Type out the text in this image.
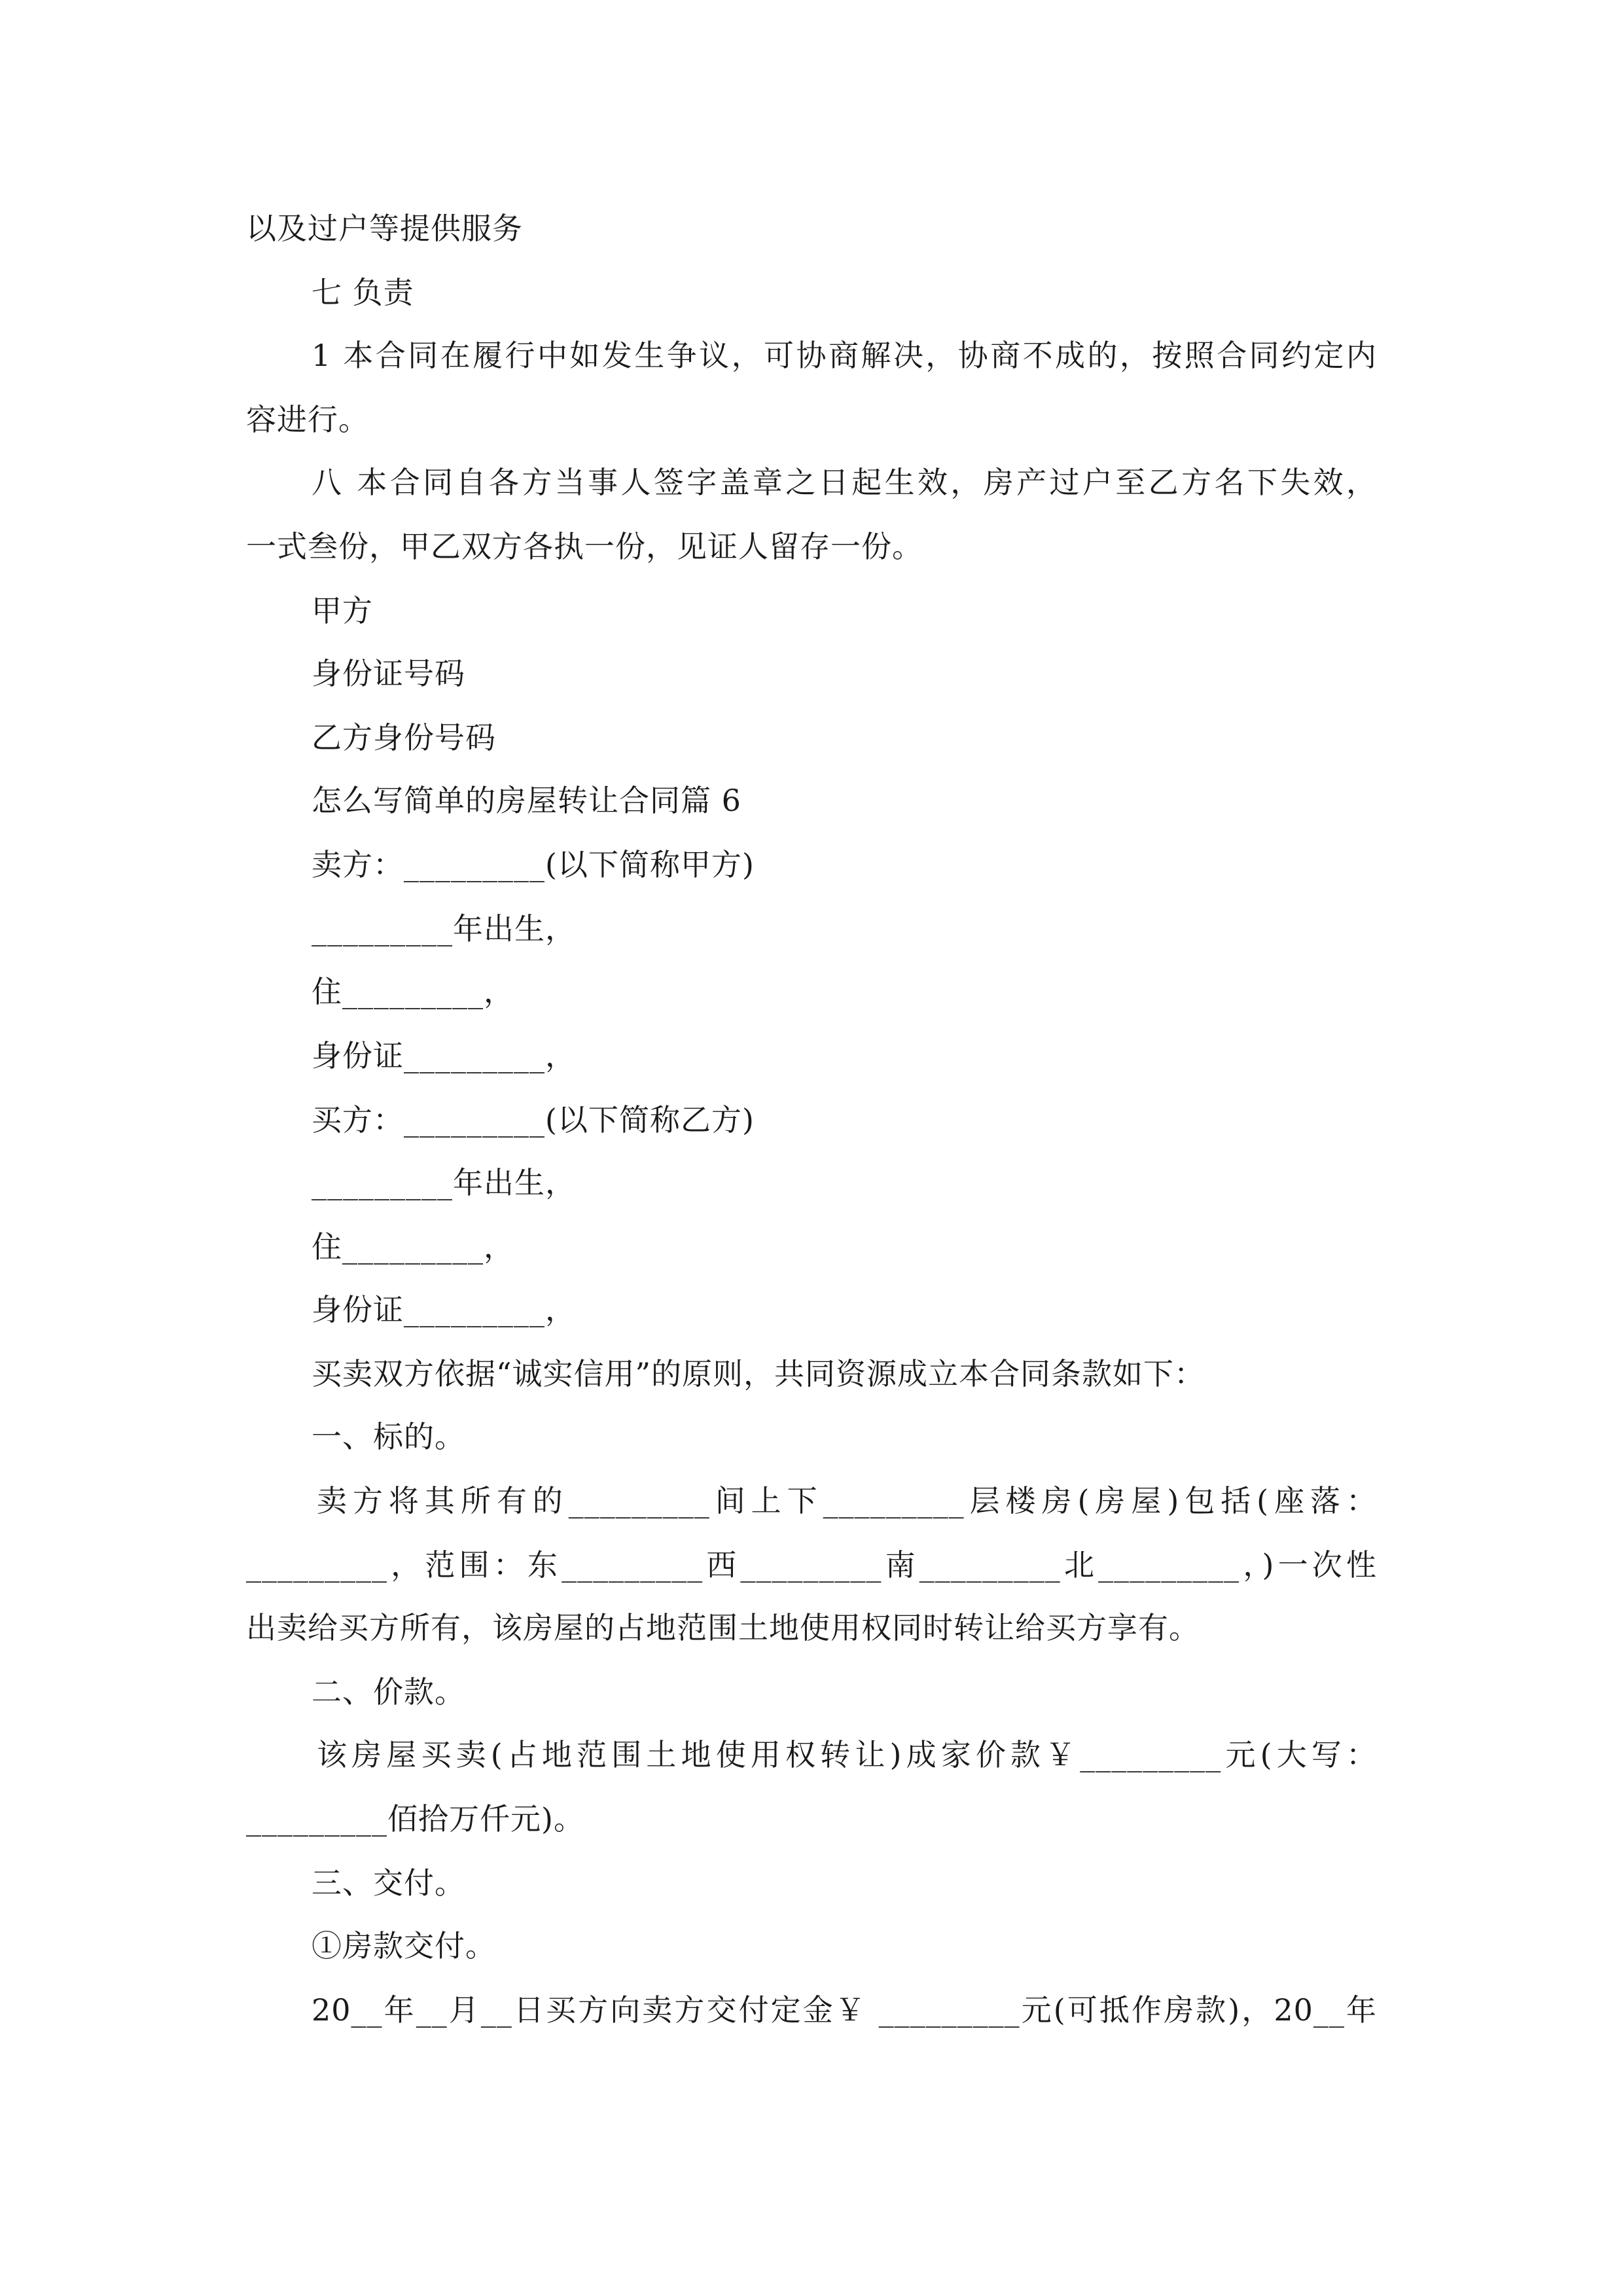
以及过户等提供服务
七 负责
1 本合同在履行中如发生争议，可协商解决，协商不成的，按照合同约定内
容进行。
八 本合同自各方当事人签字盖章之日起生效，房产过户至乙方名下失效，
一式叁份，甲乙双方各执一份，见证人留存一份。
甲方
身份证号码
乙方身份号码
怎么写简单的房屋转让合同篇 6
卖方：_________(以下简称甲方)
_________年出生，
住_________，
身份证_________，
买方：_________(以下简称乙方)
_________年出生，
住_________，
身份证_________，
买卖双方依据“诚实信用”的原则，共同资源成立本合同条款如下：
一、标的。
卖方将其所有的_________间上下_________层楼房(房屋)包括(座落：
_________，范围：东_________西_________南_________北_________，)一次性
出卖给买方所有，该房屋的占地范围土地使用权同时转让给买方享有。
二、价款。
该房屋买卖(占地范围土地使用权转让)成家价款￥_________元(大写：
_________佰拾万仟元)。
三、交付。
①房款交付。
20__年__月__日买方向卖方交付定金￥ _________元(可抵作房款)，20__年
